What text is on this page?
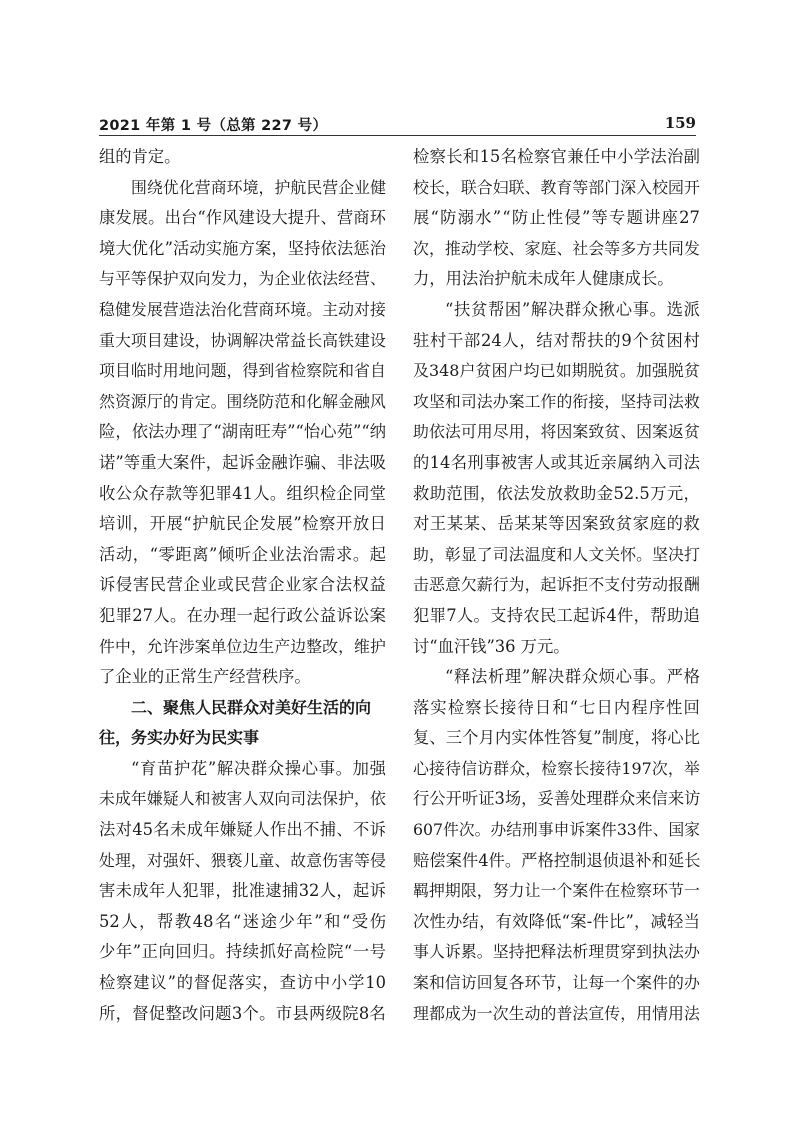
2021 年第 1 号（总第 227 号）	159
组的肯定。
围 绕 优 化 营 商 环 境 ， 护 航 民 营 企 业 健
康 发 展 。 出 台 “ 作 风 建 设 大 提 升 、 营 商 环
境 大 优 化 ” 活 动 实 施 方 案 ， 坚 持 依 法 惩 治
与 平 等 保 护 双 向 发 力 ， 为 企 业 依 法 经 营 、
稳 健 发 展 营 造 法 治 化 营 商 环 境 。 主 动 对 接
重 大 项 目 建 设 ， 协 调 解 决 常 益 长 高 铁 建 设
项 目 临 时 用 地 问 题 ， 得 到 省 检 察 院 和 省 自
然 资 源 厅 的 肯 定 。 围 绕 防 范 和 化 解 金 融 风
险 ， 依 法 办 理 了 “ 湖 南 旺 寿 ” “ 怡 心 苑 ” “ 纳
诺 ” 等 重 大 案 件 ， 起 诉 金 融 诈 骗 、 非 法 吸
收 公 众 存 款 等 犯 罪 41 人 。 组 织 检 企 同 堂
培 训 ， 开 展 “ 护 航 民 企 发 展 ” 检 察 开 放 日
活 动 ， “ 零 距 离 ” 倾 听 企 业 法 治 需 求 。 起
诉 侵 害 民 营 企 业 或 民 营 企 业 家 合 法 权 益
犯 罪 27 人 。 在 办 理 一 起 行 政 公 益 诉 讼 案
件 中 ， 允 许 涉 案 单 位 边 生 产 边 整 改 ， 维 护
了企业的正常生产经营秩序。
二、聚焦人民群众对美好生活的向
往，务实办好为民实事
“ 育 苗 护 花 ” 解 决 群 众 操 心 事 。 加 强
未 成 年 嫌 疑 人 和 被 害 人 双 向 司 法 保 护 ， 依
法 对 45 名 未 成 年 嫌 疑 人 作 出 不 捕 、 不 诉
处 理 ， 对 强 奸 、 猥 亵 儿 童 、 故 意 伤 害 等 侵
害 未 成 年 人 犯 罪 ， 批 准 逮 捕 32 人 ， 起 诉
52 人 ， 帮 教 48 名 “ 迷 途 少 年 ” 和 “ 受 伤
少 年 ” 正 向 回 归 。 持 续 抓 好 高 检 院 “ 一 号
检 察 建 议 ” 的 督 促 落 实 ， 查 访 中 小 学 10
所 ， 督 促 整 改 问 题 3 个 。 市 县 两 级 院 8 名
检 察 长 和 15 名 检 察 官 兼 任 中 小 学 法 治 副
校 长 ， 联 合 妇 联 、 教 育 等 部 门 深 入 校 园 开
展 “ 防 溺 水 ” “ 防 止 性 侵 ” 等 专 题 讲 座 27
次 ， 推 动 学 校 、 家 庭 、 社 会 等 多 方 共 同 发
力，用法治护航未成年人健康成长。
“ 扶 贫 帮 困 ” 解 决 群 众 揪 心 事 。 选 派
驻 村 干 部 24 人 ， 结 对 帮 扶 的 9 个 贫 困 村
及 348 户 贫 困 户 均 已 如 期 脱 贫 。 加 强 脱 贫
攻 坚 和 司 法 办 案 工 作 的 衔 接 ， 坚 持 司 法 救
助 依 法 可 用 尽 用 ， 将 因 案 致 贫 、 因 案 返 贫
的 14 名 刑 事 被 害 人 或 其 近 亲 属 纳 入 司 法
救 助 范 围 ， 依 法 发 放 救 助 金 52.5 万 元 ，
对 王 某 某 、 岳 某 某 等 因 案 致 贫 家 庭 的 救
助 ， 彰 显 了 司 法 温 度 和 人 文 关 怀 。 坚 决 打
击 恶 意 欠 薪 行 为 ， 起 诉 拒 不 支 付 劳 动 报 酬
犯 罪 7 人 。 支 持 农 民 工 起 诉 4 件 ， 帮 助 追
讨“血汗钱”36 万元。
“ 释 法 析 理 ” 解 决 群 众 烦 心 事 。 严 格
落 实 检 察 长 接 待 日 和 “ 七 日 内 程 序 性 回
复 、 三 个 月 内 实 体 性 答 复 ” 制 度 ， 将 心 比
心 接 待 信 访 群 众 ， 检 察 长 接 待 197 次 ， 举
行 公 开 听 证 3 场 ， 妥 善 处 理 群 众 来 信 来 访
607 件 次 。 办 结 刑 事 申 诉 案 件 33 件 、 国 家
赔 偿 案 件 4 件 。 严 格 控 制 退 侦 退 补 和 延 长
羁 押 期 限 ， 努 力 让 一 个 案 件 在 检 察 环 节 一
次 性 办 结 ， 有 效 降 低 “ 案 - 件 比 ” ， 减 轻 当
事 人 诉 累 。 坚 持 把 释 法 析 理 贯 穿 到 执 法 办
案 和 信 访 回 复 各 环 节 ， 让 每 一 个 案 件 的 办
理 都 成 为 一 次 生 动 的 普 法 宣 传 ， 用 情 用 法
